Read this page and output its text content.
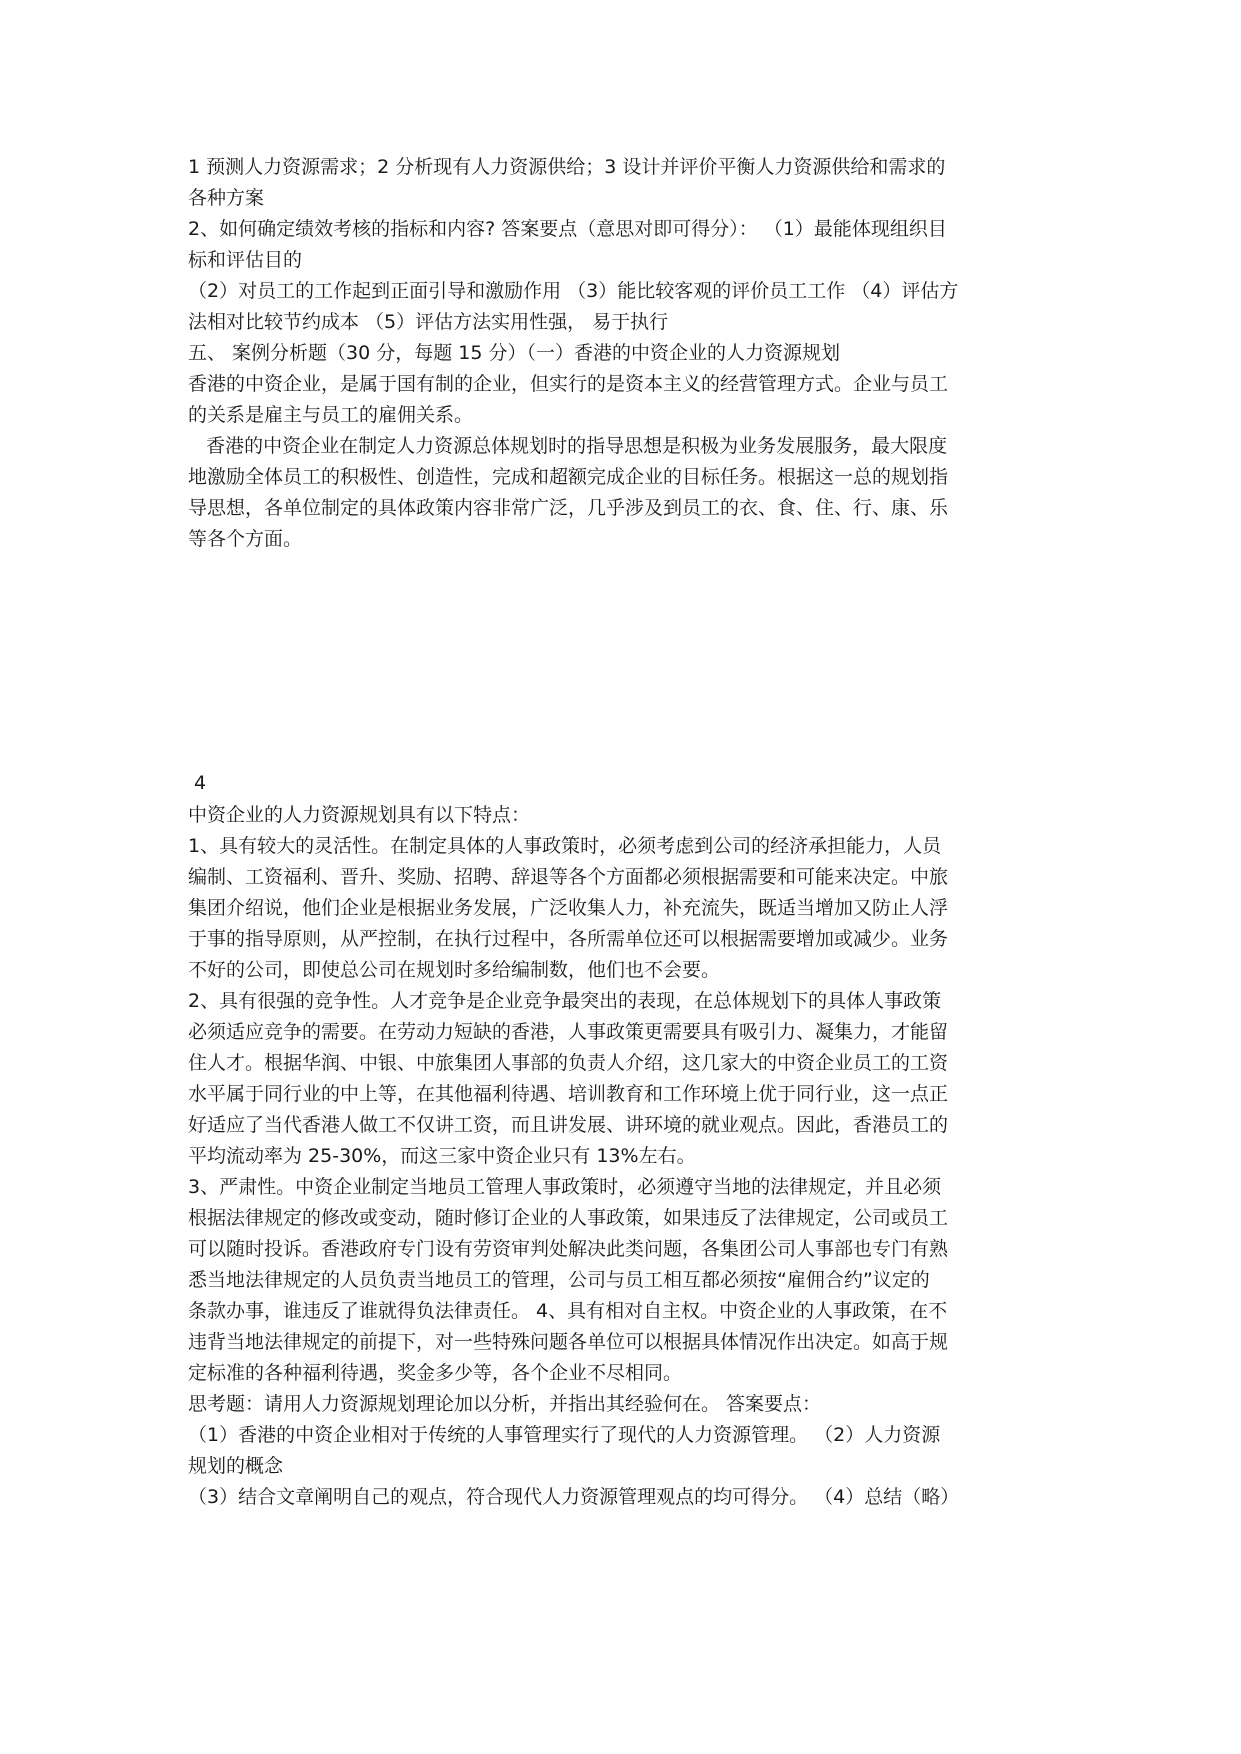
1 预测人力资源需求；2 分析现有人力资源供给；3 设计并评价平衡人力资源供给和需求的
各种方案
2、如何确定绩效考核的指标和内容? 答案要点（意思对即可得分）： （1）最能体现组织目
标和评估目的
（2）对员工的工作起到正面引导和激励作用 （3）能比较客观的评价员工工作 （4）评估方
法相对比较节约成本 （5）评估方法实用性强， 易于执行
五、 案例分析题（30 分，每题 15 分）（一）香港的中资企业的人力资源规划
香港的中资企业，是属于国有制的企业，但实行的是资本主义的经营管理方式。企业与员工
的关系是雇主与员工的雇佣关系。
香港的中资企业在制定人力资源总体规划时的指导思想是积极为业务发展服务，最大限度
地激励全体员工的积极性、创造性，完成和超额完成企业的目标任务。根据这一总的规划指
导思想，各单位制定的具体政策内容非常广泛，几乎涉及到员工的衣、食、住、行、康、乐
等各个方面。
4
中资企业的人力资源规划具有以下特点：
1、具有较大的灵活性。在制定具体的人事政策时，必须考虑到公司的经济承担能力，人员
编制、工资福利、晋升、奖励、招聘、辞退等各个方面都必须根据需要和可能来决定。中旅
集团介绍说，他们企业是根据业务发展，广泛收集人力，补充流失，既适当增加又防止人浮
于事的指导原则，从严控制，在执行过程中，各所需单位还可以根据需要增加或减少。业务
不好的公司，即使总公司在规划时多给编制数，他们也不会要。
2、具有很强的竞争性。人才竞争是企业竞争最突出的表现，在总体规划下的具体人事政策
必须适应竞争的需要。在劳动力短缺的香港，人事政策更需要具有吸引力、凝集力，才能留
住人才。根据华润、中银、中旅集团人事部的负责人介绍，这几家大的中资企业员工的工资
水平属于同行业的中上等，在其他福利待遇、培训教育和工作环境上优于同行业，这一点正
好适应了当代香港人做工不仅讲工资，而且讲发展、讲环境的就业观点。因此，香港员工的
平均流动率为 25-30%，而这三家中资企业只有 13%左右。
3、严肃性。中资企业制定当地员工管理人事政策时，必须遵守当地的法律规定，并且必须
根据法律规定的修改或变动，随时修订企业的人事政策，如果违反了法律规定，公司或员工
可以随时投诉。香港政府专门设有劳资审判处解决此类问题，各集团公司人事部也专门有熟
悉当地法律规定的人员负责当地员工的管理，公司与员工相互都必须按“雇佣合约”议定的
条款办事，谁违反了谁就得负法律责任。 4、具有相对自主权。中资企业的人事政策，在不
违背当地法律规定的前提下，对一些特殊问题各单位可以根据具体情况作出决定。如高于规
定标准的各种福利待遇，奖金多少等，各个企业不尽相同。
思考题：请用人力资源规划理论加以分析，并指出其经验何在。 答案要点：
（1）香港的中资企业相对于传统的人事管理实行了现代的人力资源管理。 （2）人力资源
规划的概念
（3）结合文章阐明自己的观点，符合现代人力资源管理观点的均可得分。 （4）总结（略）
